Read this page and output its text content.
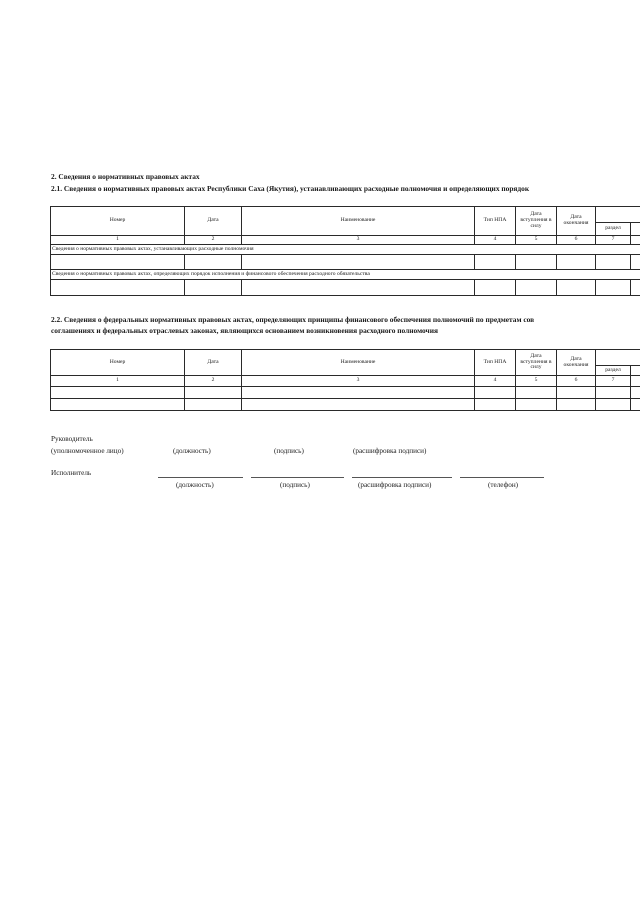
2. Сведения о нормативных правовых актах
2.1. Сведения о нормативных правовых актах Республики Саха (Якутия), устанавливающих расходные полномочия и определяющих порядок
Номер	Дата	Наименование	Тип НПА	Дата вступления в силу	Дата окончания		
						раздел	
1	2	3	4	5	6	7	
Сведения о нормативных правовых актах, устанавливающих расходные полномочия							

Сведения о нормативных правовых актах, определяющих порядок исполнения и финансового обеспечения расходного обязательства							

2.2. Сведения о федеральных нормативных правовых актах, определяющих принципы финансового обеспечения полномочий по предметам сов
соглашениях и федеральных отраслевых законах, являющихся основанием возникновения расходного полномочия
Номер	Дата	Наименование	Тип НПА	Дата вступления в силу	Дата окончания		
						раздел	
1	2	3	4	5	6	7	

Руководитель
(уполномоченное лицо)	(должность)	(подпись)	(расшифровка подписи)
Исполнитель
(должность)	(подпись)	(расшифровка подписи)	(телефон)
